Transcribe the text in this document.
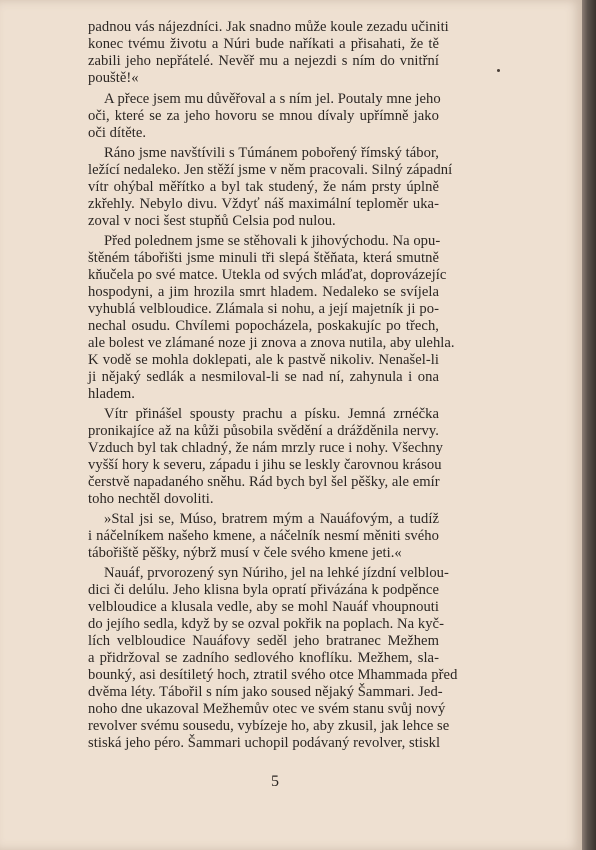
padnou vás nájezdníci. Jak snadno může koule zezadu učiniti
konec tvému životu a Núri bude naříkati a přisahati, že tě
zabili jeho nepřátelé. Nevěř mu a nejezdi s ním do vnitřní
pouště!«
A přece jsem mu důvěřoval a s ním jel. Poutaly mne jeho
oči, které se za jeho hovoru se mnou dívaly upřímně jako
oči dítěte.
Ráno jsme navštívili s Túmánem pobořený římský tábor,
ležící nedaleko. Jen stěží jsme v něm pracovali. Silný západní
vítr ohýbal měřítko a byl tak studený, že nám prsty úplně
zkřehly. Nebylo divu. Vždyť náš maximální teploměr uka-
zoval v noci šest stupňů Celsia pod nulou.
Před polednem jsme se stěhovali k jihovýchodu. Na opu-
štěném tábořišti jsme minuli tři slepá štěňata, která smutně
kňučela po své matce. Utekla od svých mláďat, doprovázejíc
hospodyni, a jim hrozila smrt hladem. Nedaleko se svíjela
vyhublá velbloudice. Zlámala si nohu, a její majetník ji po-
nechal osudu. Chvílemi popocházela, poskakujíc po třech,
ale bolest ve zlámané noze ji znova a znova nutila, aby ulehla.
K vodě se mohla doklepati, ale k pastvě nikoliv. Nenašel-li
ji nějaký sedlák a nesmiloval-li se nad ní, zahynula i ona
hladem.
Vítr přinášel spousty prachu a písku. Jemná zrnéčka
pronikajíce až na kůži působila svědění a drážděnila nervy.
Vzduch byl tak chladný, že nám mrzly ruce i nohy. Všechny
vyšší hory k severu, západu i jihu se leskly čarovnou krásou
čerstvě napadaného sněhu. Rád bych byl šel pěšky, ale emír
toho nechtěl dovoliti.
»Stal jsi se, Múso, bratrem mým a Nauáfovým, a tudíž
i náčelníkem našeho kmene, a náčelník nesmí měniti svého
tábořiště pěšky, nýbrž musí v čele svého kmene jeti.«
Nauáf, prvorozený syn Núriho, jel na lehké jízdní velblou-
dici či delúlu. Jeho klisna byla opratí přivázána k podpěnce
velbloudice a klusala vedle, aby se mohl Nauáf vhoupnouti
do jejího sedla, když by se ozval pokřik na poplach. Na kyč-
lích velbloudice Nauáfovy seděl jeho bratranec Mežhem
a přidržoval se zadního sedlového knoflíku. Mežhem, sla-
bounký, asi desítiletý hoch, ztratil svého otce Mhammada před
dvěma léty. Tábořil s ním jako soused nějaký Šammari. Jed-
noho dne ukazoval Mežhemův otec ve svém stanu svůj nový
revolver svému sousedu, vybízeje ho, aby zkusil, jak lehce se
stiská jeho péro. Šammari uchopil podávaný revolver, stiskl
5
